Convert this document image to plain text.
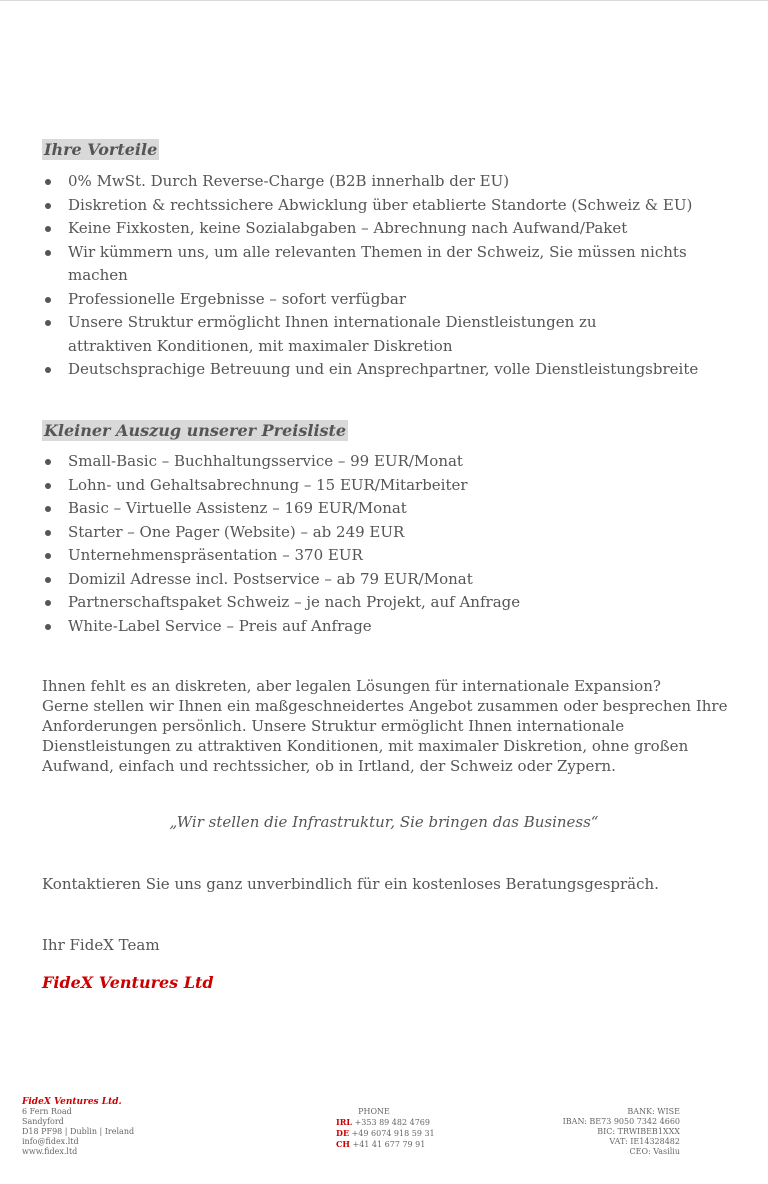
Ihre Vorteile
0% MwSt. Durch Reverse-Charge (B2B innerhalb der EU)
Diskretion & rechtssichere Abwicklung über etablierte Standorte (Schweiz & EU)
Keine Fixkosten, keine Sozialabgaben – Abrechnung nach Aufwand/Paket
Wir kümmern uns, um alle relevanten Themen in der Schweiz, Sie müssen nichts machen
Professionelle Ergebnisse – sofort verfügbar
Unsere Struktur ermöglicht Ihnen internationale Dienstleistungen zu attraktiven Konditionen, mit maximaler Diskretion
Deutschsprachige Betreuung und ein Ansprechpartner, volle Dienstleistungsbreite
Kleiner Auszug unserer Preisliste
Small-Basic – Buchhaltungsservice – 99 EUR/Monat
Lohn- und Gehaltsabrechnung – 15 EUR/Mitarbeiter
Basic – Virtuelle Assistenz – 169 EUR/Monat
Starter – One Pager (Website) – ab 249 EUR
Unternehmenspräsentation – 370 EUR
Domizil Adresse incl. Postservice – ab 79 EUR/Monat
Partnerschaftspaket Schweiz – je nach Projekt, auf Anfrage
White-Label Service – Preis auf Anfrage
Ihnen fehlt es an diskreten, aber legalen Lösungen für internationale Expansion?
Gerne stellen wir Ihnen ein maßgeschneidertes Angebot zusammen oder besprechen Ihre Anforderungen persönlich. Unsere Struktur ermöglicht Ihnen internationale Dienstleistungen zu attraktiven Konditionen, mit maximaler Diskretion, ohne großen Aufwand, einfach und rechtssicher, ob in Irtland, der Schweiz oder Zypern.
„Wir stellen die Infrastruktur, Sie bringen das Business“
Kontaktieren Sie uns ganz unverbindlich für ein kostenloses Beratungsgespräch.
Ihr FideX Team
FideX Ventures Ltd
FideX Ventures Ltd.
6 Fern Road
Sandyford
D18 PF98 | Dublin | Ireland
info@fidex.ltd
www.fidex.ltd
PHONE
IRL +353 89 482 4769
DE +49 6074 918 59 31
CH +41 41 677 79 91
BANK: WISE
IBAN: BE73 9050 7342 4660
BIC: TRWIBEB1XXX
VAT: IE14328482
CEO: Vasiliu
